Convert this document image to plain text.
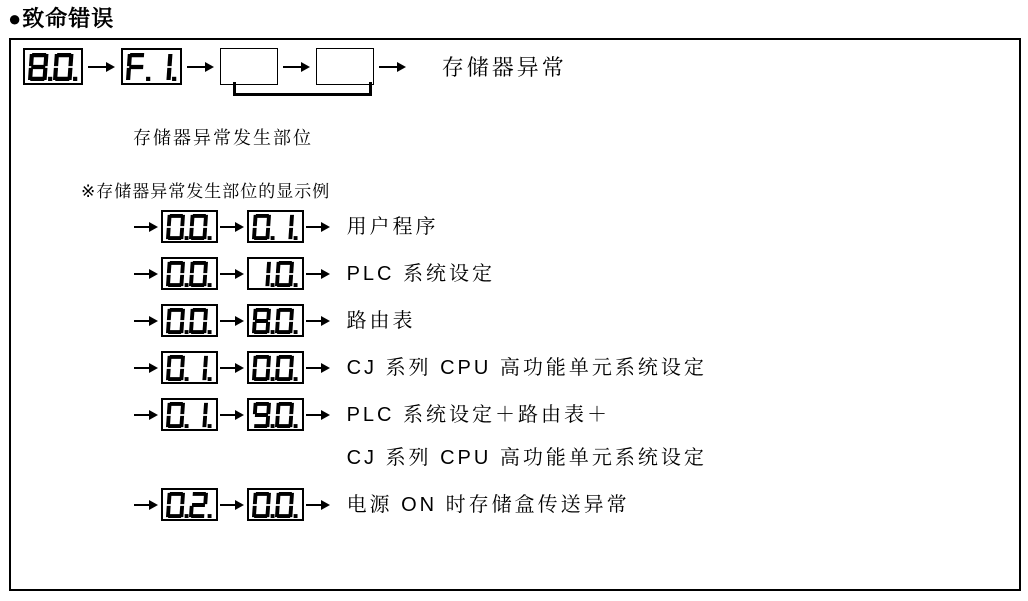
●致命错误
存储器异常
存储器异常发生部位
※存储器异常发生部位的显示例
用户程序
PLC 系统设定
路由表
CJ 系列 CPU 高功能单元系统设定
PLC 系统设定＋路由表＋
CJ 系列 CPU 高功能单元系统设定
电源 ON 时存储盒传送异常
